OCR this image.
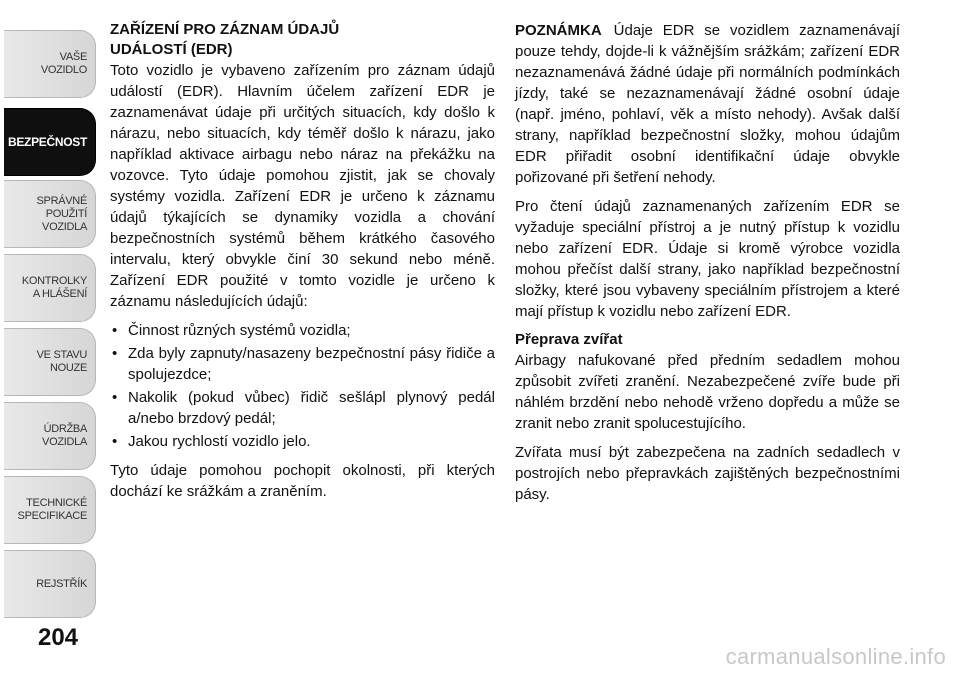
VAŠE
VOZIDLO
BEZPEČNOST
SPRÁVNÉ
POUŽITÍ
VOZIDLA
KONTROLKY
A HLÁŠENÍ
VE STAVU
NOUZE
ÚDRŽBA
VOZIDLA
TECHNICKÉ
SPECIFIKACE
REJSTŘÍK
204
ZAŘÍZENÍ PRO ZÁZNAM ÚDAJŮ
UDÁLOSTÍ (EDR)

Toto vozidlo je vybaveno zařízením pro záznam údajů událostí (EDR). Hlavním účelem zařízení EDR je zaznamenávat údaje při určitých situacích, kdy došlo k nárazu, nebo situacích, kdy téměř došlo k nárazu, jako například aktivace airbagu nebo náraz na překážku na vozovce. Tyto údaje pomohou zjistit, jak se chovaly systémy vozidla. Zařízení EDR je určeno k záznamu údajů týkajících se dynamiky vozidla a chování bezpečnostních systémů během krátkého časového intervalu, který obvykle činí 30 sekund nebo méně. Zařízení EDR použité v tomto vozidle je určeno k záznamu následujících údajů:

• Činnost různých systémů vozidla;
• Zda byly zapnuty/nasazeny bezpečnostní pásy řidiče a spolujezdce;
• Nakolik (pokud vůbec) řidič sešlápl plynový pedál a/nebo brzdový pedál;
• Jakou rychlostí vozidlo jelo.

Tyto údaje pomohou pochopit okolnosti, při kterých dochází ke srážkám a zraněním.

POZNÁMKA Údaje EDR se vozidlem zaznamenávají pouze tehdy, dojde-li k vážnějším srážkám; zařízení EDR nezaznamenává žádné údaje při normálních podmínkách jízdy, také se nezaznamenávají žádné osobní údaje (např. jméno, pohlaví, věk a místo nehody). Avšak další strany, například bezpečnostní složky, mohou údajům EDR přiřadit osobní identifikační údaje obvykle pořizované při šetření nehody.

Pro čtení údajů zaznamenaných zařízením EDR se vyžaduje speciální přístroj a je nutný přístup k vozidlu nebo zařízení EDR. Údaje si kromě výrobce vozidla mohou přečíst další strany, jako například bezpečnostní složky, které jsou vybaveny speciálním přístrojem a které mají přístup k vozidlu nebo zařízení EDR.

Přeprava zvířat

Airbagy nafukované před předním sedadlem mohou způsobit zvířeti zranění. Nezabezpečené zvíře bude při náhlém brzdění nebo nehodě vrženo dopředu a může se zranit nebo zranit spolucestujícího.

Zvířata musí být zabezpečena na zadních sedadlech v postrojích nebo přepravkách zajištěných bezpečnostními pásy.

carmanualsonline.info
